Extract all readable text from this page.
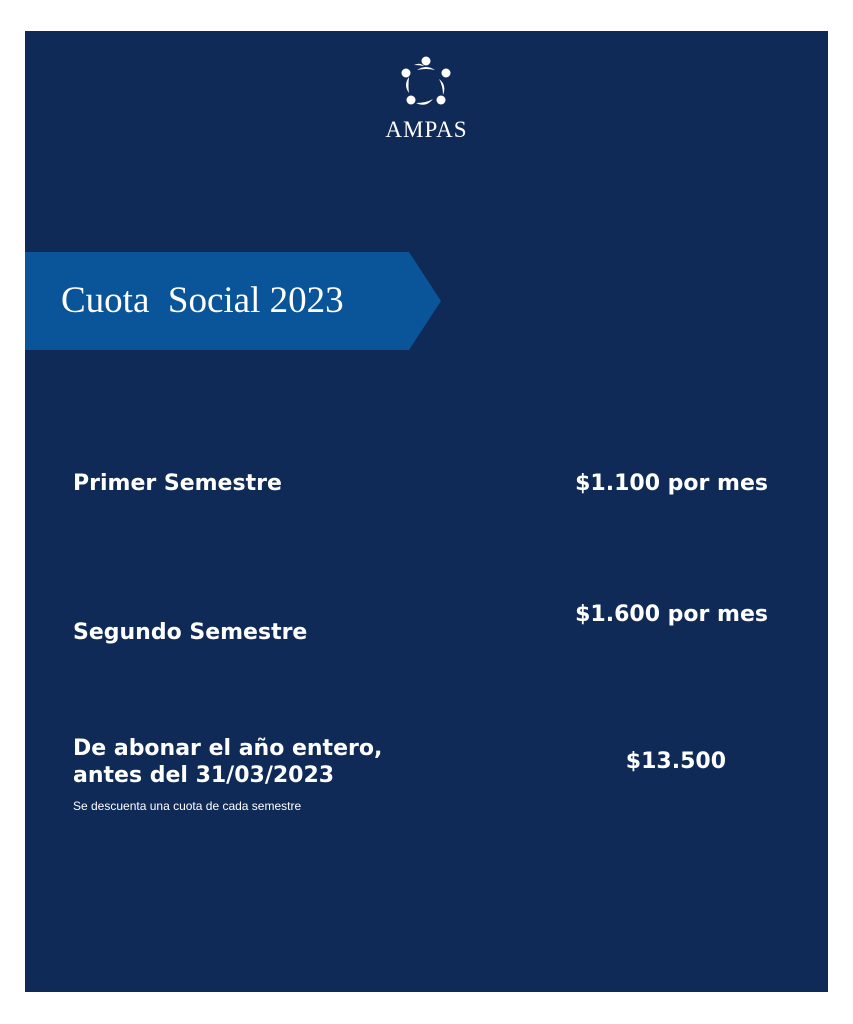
AMPAS
Cuota  Social 2023
Primer Semestre	$1.100 por mes
Segundo Semestre
$1.600 por mes
De abonar el año entero,
antes del 31/03/2023
$13.500
Se descuenta una cuota de cada semestre
